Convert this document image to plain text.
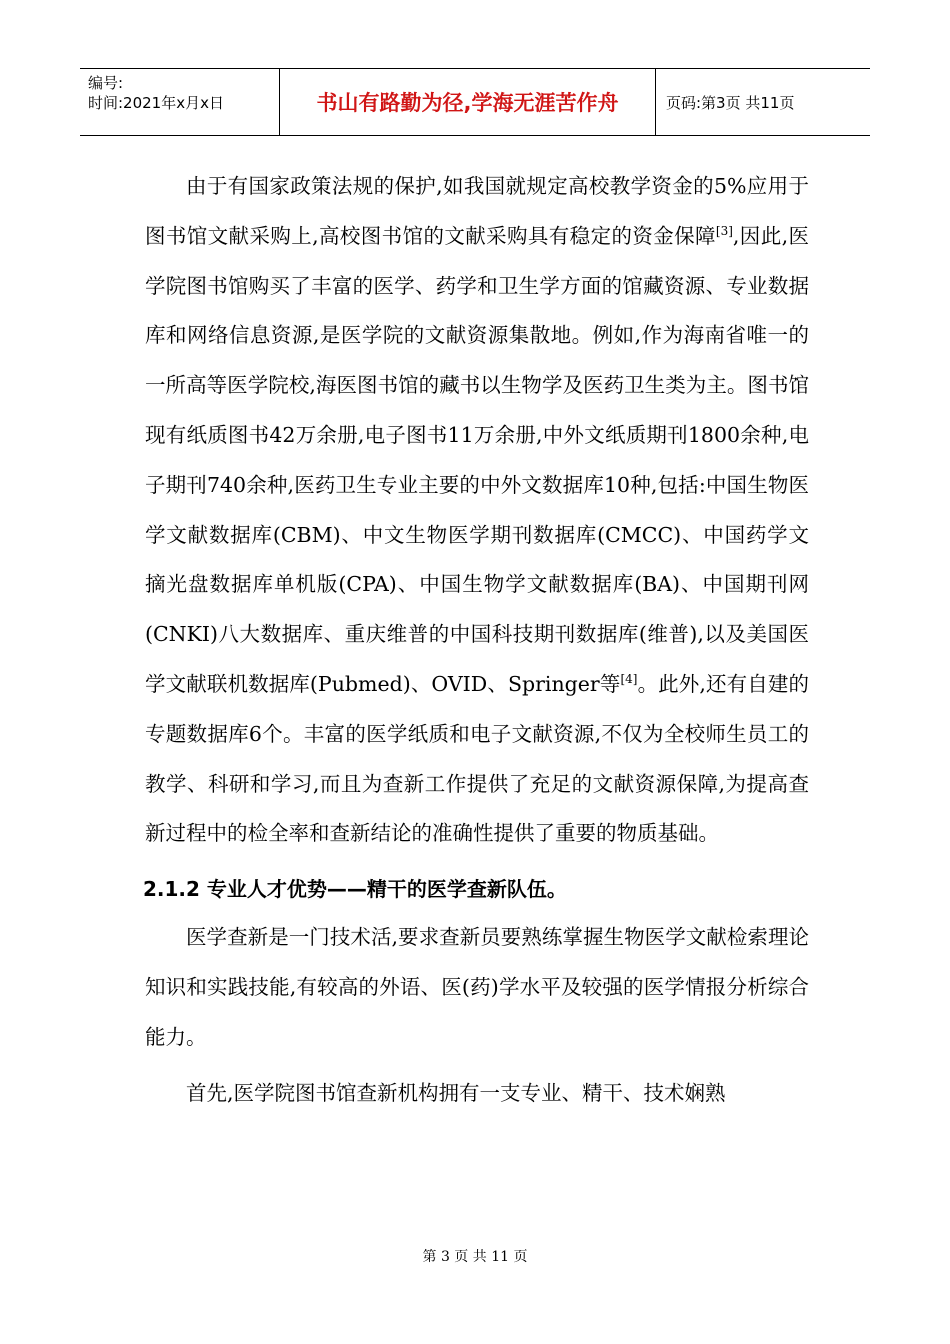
编号:
时间:2021年x月x日	书山有路勤为径,学海无涯苦作舟	页码:第3页 共11页

由于有国家政策法规的保护,如我国就规定高校教学资金的5%应用于图书馆文献采购上,高校图书馆的文献采购具有稳定的资金保障[3],因此,医学院图书馆购买了丰富的医学、药学和卫生学方面的馆藏资源、专业数据库和网络信息资源,是医学院的文献资源集散地。例如,作为海南省唯一的一所高等医学院校,海医图书馆的藏书以生物学及医药卫生类为主。图书馆现有纸质图书42万余册,电子图书11万余册,中外文纸质期刊1800余种,电子期刊740余种,医药卫生专业主要的中外文数据库10种,包括:中国生物医学文献数据库(CBM)、中文生物医学期刊数据库(CMCC)、中国药学文摘光盘数据库单机版(CPA)、中国生物学文献数据库(BA)、中国期刊网(CNKI)八大数据库、重庆维普的中国科技期刊数据库(维普),以及美国医学文献联机数据库(Pubmed)、OVID、Springer等[4]。此外,还有自建的专题数据库6个。丰富的医学纸质和电子文献资源,不仅为全校师生员工的教学、科研和学习,而且为查新工作提供了充足的文献资源保障,为提高查新过程中的检全率和查新结论的准确性提供了重要的物质基础。

2.1.2 专业人才优势——精干的医学查新队伍。

医学查新是一门技术活,要求查新员要熟练掌握生物医学文献检索理论知识和实践技能,有较高的外语、医(药)学水平及较强的医学情报分析综合能力。

首先,医学院图书馆查新机构拥有一支专业、精干、技术娴熟

第 3 页 共 11 页
